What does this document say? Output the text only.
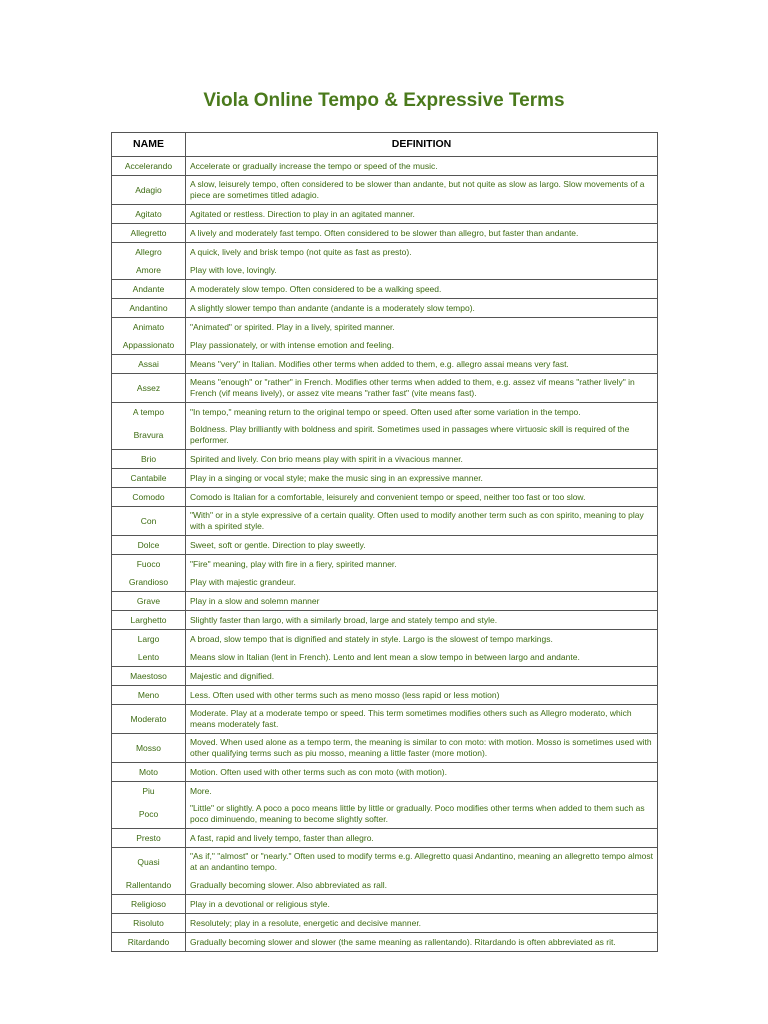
Viola Online Tempo & Expressive Terms
NAME	DEFINITION
Accelerando	Accelerate or gradually increase the tempo or speed of the music.
Adagio	A slow, leisurely tempo, often considered to be slower than andante, but not quite as slow as largo. Slow movements of a piece are sometimes titled adagio.
Agitato	Agitated or restless. Direction to play in an agitated manner.
Allegretto	A lively and moderately fast tempo. Often considered to be slower than allegro, but faster than andante.
Allegro	A quick, lively and brisk tempo (not quite as fast as presto).
Amore	Play with love, lovingly.
Andante	A moderately slow tempo. Often considered to be a walking speed.
Andantino	A slightly slower tempo than andante (andante is a moderately slow tempo).
Animato	"Animated" or spirited. Play in a lively, spirited manner.
Appassionato	Play passionately, or with intense emotion and feeling.
Assai	Means "very" in Italian. Modifies other terms when added to them, e.g. allegro assai means very fast.
Assez	Means "enough" or "rather" in French. Modifies other terms when added to them, e.g. assez vif means "rather lively" in French (vif means lively), or assez vite means "rather fast" (vite means fast).
A tempo	"In tempo," meaning return to the original tempo or speed. Often used after some variation in the tempo.
Bravura	Boldness. Play brilliantly with boldness and spirit. Sometimes used in passages where virtuosic skill is required of the performer.
Brio	Spirited and lively. Con brio means play with spirit in a vivacious manner.
Cantabile	Play in a singing or vocal style; make the music sing in an expressive manner.
Comodo	Comodo is Italian for a comfortable, leisurely and convenient tempo or speed, neither too fast or too slow.
Con	"With" or in a style expressive of a certain quality. Often used to modify another term such as con spirito, meaning to play with a spirited style.
Dolce	Sweet, soft or gentle. Direction to play sweetly.
Fuoco	"Fire" meaning, play with fire in a fiery, spirited manner.
Grandioso	Play with majestic grandeur.
Grave	Play in a slow and solemn manner
Larghetto	Slightly faster than largo, with a similarly broad, large and stately tempo and style.
Largo	A broad, slow tempo that is dignified and stately in style. Largo is the slowest of tempo markings.
Lento	Means slow in Italian (lent in French). Lento and lent mean a slow tempo in between largo and andante.
Maestoso	Majestic and dignified.
Meno	Less. Often used with other terms such as meno mosso (less rapid or less motion)
Moderato	Moderate. Play at a moderate tempo or speed. This term sometimes modifies others such as Allegro moderato, which means moderately fast.
Mosso	Moved. When used alone as a tempo term, the meaning is similar to con moto: with motion. Mosso is sometimes used with other qualifying terms such as piu mosso, meaning a little faster (more motion).
Moto	Motion. Often used with other terms such as con moto (with motion).
Piu	More.
Poco	"Little" or slightly. A poco a poco means little by little or gradually. Poco modifies other terms when added to them such as poco diminuendo, meaning to become slightly softer.
Presto	A fast, rapid and lively tempo, faster than allegro.
Quasi	"As if," "almost" or "nearly." Often used to modify terms e.g. Allegretto quasi Andantino, meaning an allegretto tempo almost at an andantino tempo.
Rallentando	Gradually becoming slower. Also abbreviated as rall.
Religioso	Play in a devotional or religious style.
Risoluto	Resolutely; play in a resolute, energetic and decisive manner.
Ritardando	Gradually becoming slower and slower (the same meaning as rallentando). Ritardando is often abbreviated as rit.
